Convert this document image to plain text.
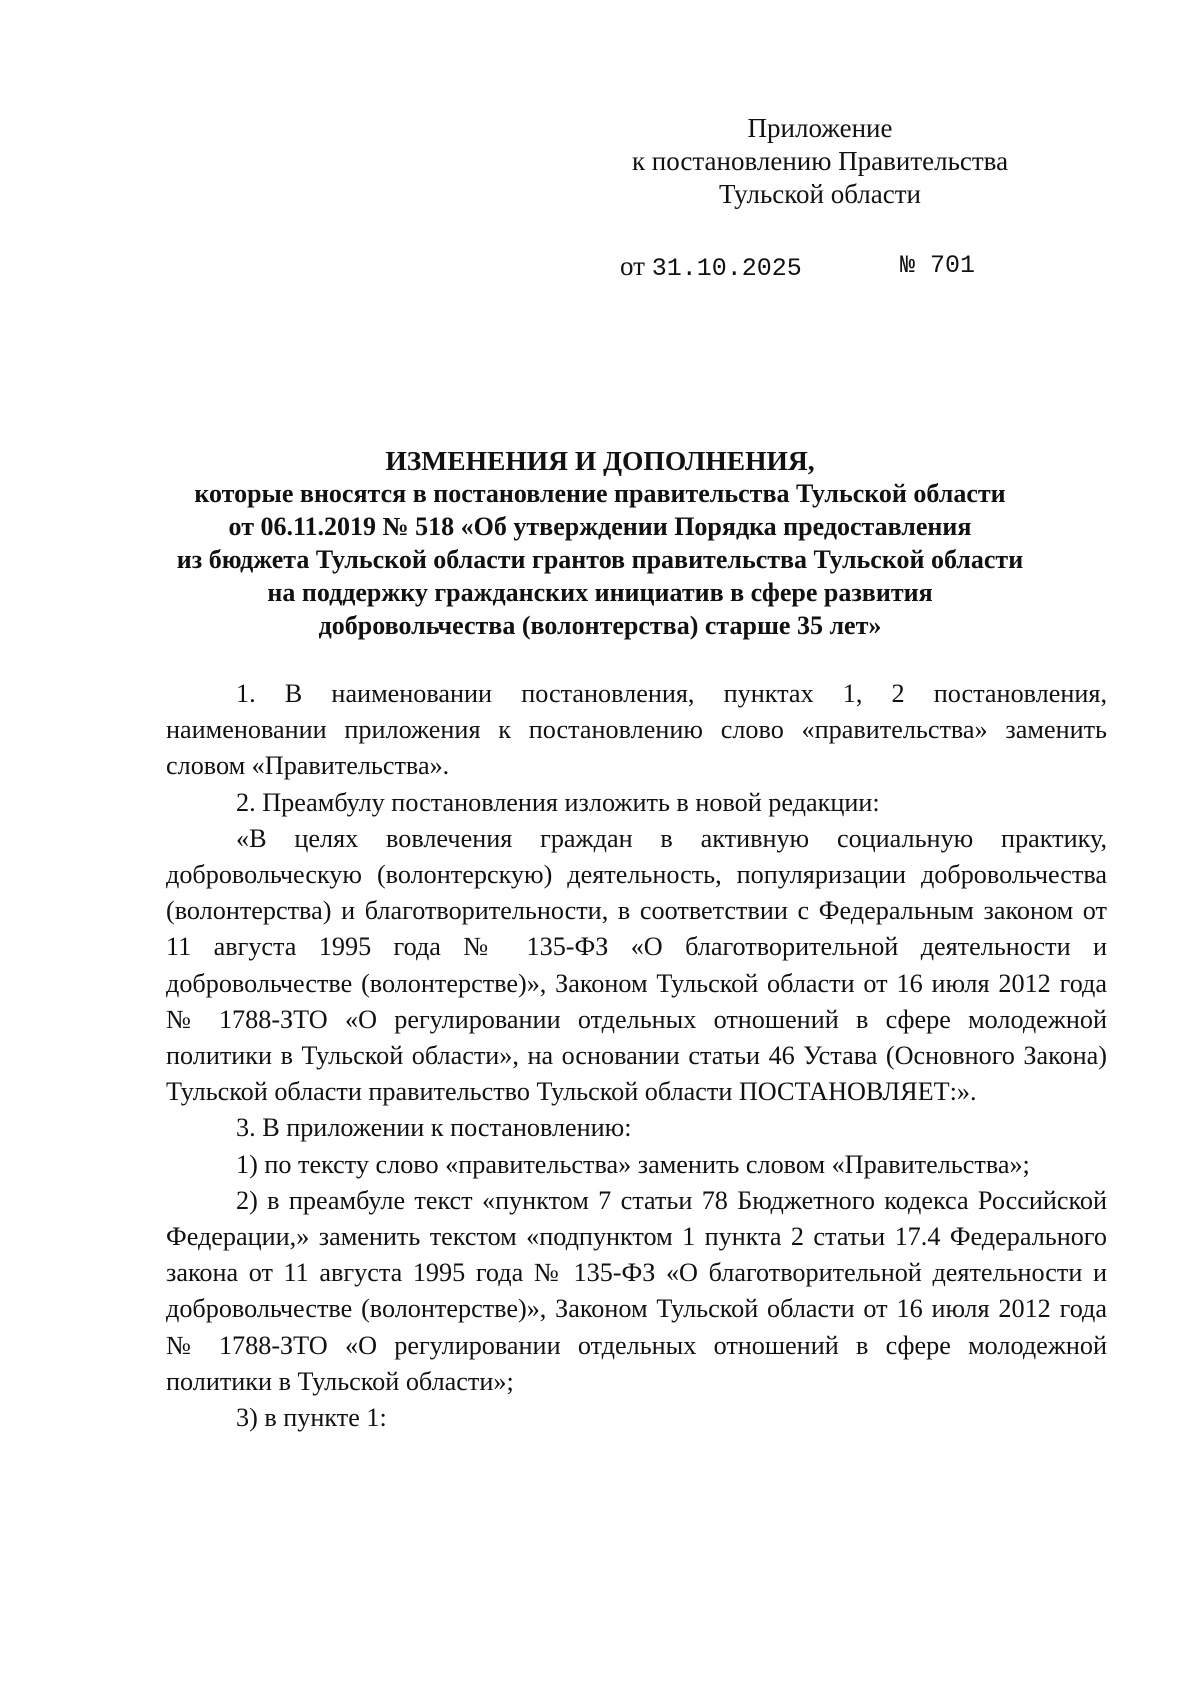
Приложение
к постановлению Правительства
Тульской области
от 31.10.2025	№ 701
ИЗМЕНЕНИЯ И ДОПОЛНЕНИЯ,
которые вносятся в постановление правительства Тульской области
от 06.11.2019 № 518 «Об утверждении Порядка предоставления
из бюджета Тульской области грантов правительства Тульской области
на поддержку гражданских инициатив в сфере развития
добровольчества (волонтерства) старше 35 лет»

1. В наименовании постановления, пунктах 1, 2 постановления, наименовании приложения к постановлению слово «правительства» заменить словом «Правительства».

2. Преамбулу постановления изложить в новой редакции:

«В целях вовлечения граждан в активную социальную практику, добровольческую (волонтерскую) деятельность, популяризации добровольчества (волонтерства) и благотворительности, в соответствии с Федеральным законом от 11 августа 1995 года № 135-ФЗ «О благотворительной деятельности и добровольчестве (волонтерстве)», Законом Тульской области от 16 июля 2012 года № 1788-ЗТО «О регулировании отдельных отношений в сфере молодежной политики в Тульской области», на основании статьи 46 Устава (Основного Закона) Тульской области правительство Тульской области ПОСТАНОВЛЯЕТ:».

3. В приложении к постановлению:

1) по тексту слово «правительства» заменить словом «Правительства»;

2) в преамбуле текст «пунктом 7 статьи 78 Бюджетного кодекса Российской Федерации,» заменить текстом «подпунктом 1 пункта 2 статьи 17.4 Федерального закона от 11 августа 1995 года № 135-ФЗ «О благотворительной деятельности и добровольчестве (волонтерстве)», Законом Тульской области от 16 июля 2012 года № 1788-ЗТО «О регулировании отдельных отношений в сфере молодежной политики в Тульской области»;

3) в пункте 1:
